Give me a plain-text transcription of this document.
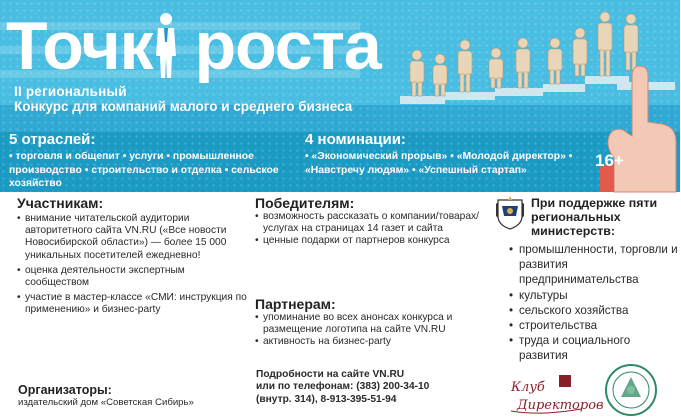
Точк роста
II региональный
Конкурс для компаний малого и среднего бизнеса
5 отраслей:
• торговля и общепит • услуги • промышленное производство • строительство и отделка • сельское хозяйство
4 номинации:
• «Экономический прорыв» • «Молодой директор» • «Навстречу людям» • «Успешный стартап»	16+
Участникам:
• внимание читательской аудитории авторитетного сайта VN.RU («Все новости Новосибирской области») — более 15 000 уникальных посетителей ежедневно!
• оценка деятельности экспертным сообществом
• участие в мастер-классе «СМИ: инструкция по применению» и бизнес-party
Организаторы:
издательский дом «Советская Сибирь»
Победителям:
• возможность рассказать о компании/товарах/услугах на страницах 14 газет и сайта
• ценные подарки от партнеров конкурса
Партнерам:
• упоминание во всех анонсах конкурса и размещение логотипа на сайте VN.RU
• активность на бизнес-party
Подробности на сайте VN.RU
или по телефонам: (383) 200-34-10
(внутр. 314), 8-913-395-51-94
При поддержке пяти региональных министерств:
• промышленности, торговли и развития предпринимательства
• культуры
• сельского хозяйства
• строительства
• труда и социального развития
Клуб
Директоров
